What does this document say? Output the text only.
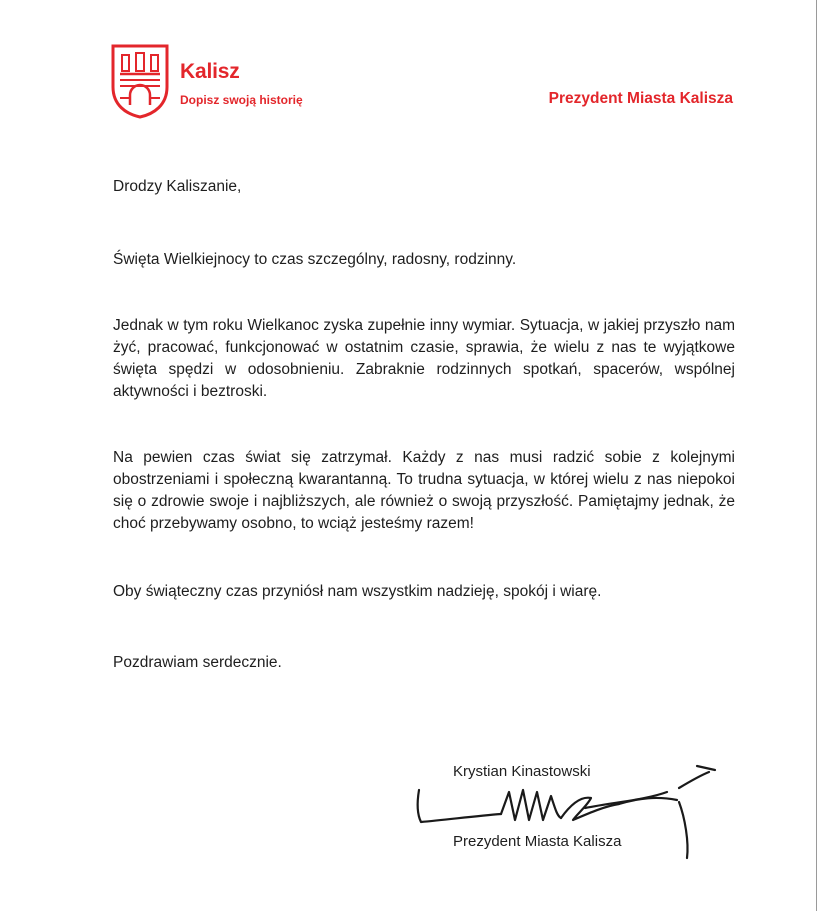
Kalisz
Dopisz swoją historię	Prezydent Miasta Kalisza

Drodzy Kaliszanie,

Święta Wielkiejnocy to czas szczególny, radosny, rodzinny.

Jednak w tym roku Wielkanoc zyska zupełnie inny wymiar. Sytuacja, w jakiej przyszło nam żyć, pracować, funkcjonować w ostatnim czasie, sprawia, że wielu z nas te wyjątkowe święta spędzi w odosobnieniu. Zabraknie rodzinnych spotkań, spacerów, wspólnej aktywności i beztroski.

Na pewien czas świat się zatrzymał. Każdy z nas musi radzić sobie z kolejnymi obostrzeniami i społeczną kwarantanną. To trudna sytuacja, w której wielu z nas niepokoi się o zdrowie swoje i najbliższych, ale również o swoją przyszłość. Pamiętajmy jednak, że choć przebywamy osobno, to wciąż jesteśmy razem!

Oby świąteczny czas przyniósł nam wszystkim nadzieję, spokój i wiarę.

Pozdrawiam serdecznie.

Krystian Kinastowski
Prezydent Miasta Kalisza
